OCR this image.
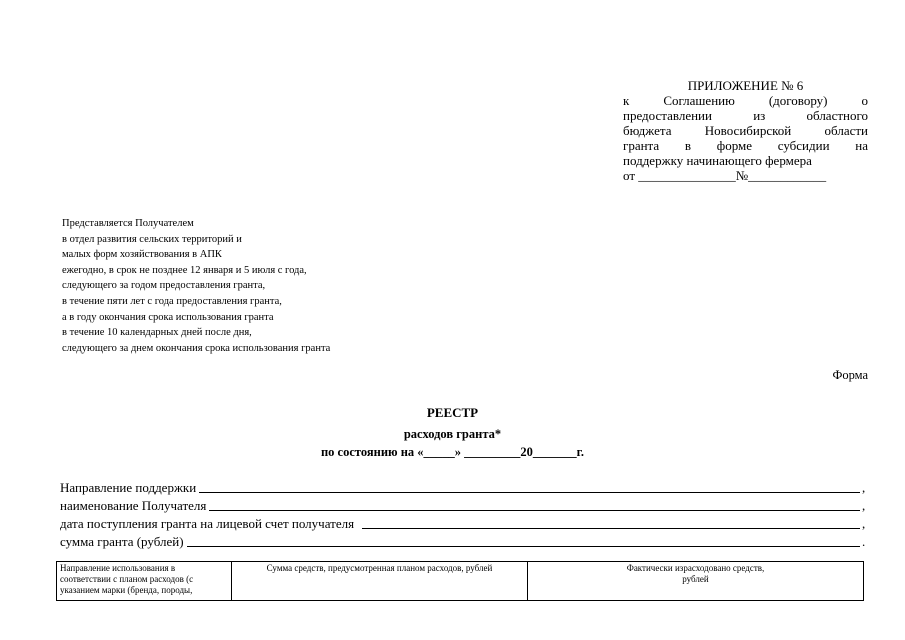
ПРИЛОЖЕНИЕ № 6
к Соглашению (договору) о
предоставлении из областного
бюджета Новосибирской области
гранта в форме субсидии на
поддержку начинающего фермера
от _______________№____________
Представляется Получателем
в отдел развития сельских территорий и
малых форм хозяйствования в АПК
ежегодно, в срок не позднее 12 января и 5 июля с года,
следующего за годом предоставления гранта,
в течение пяти лет с года предоставления гранта,
а в году окончания срока использования гранта
в течение 10 календарных дней после дня,
следующего за днем окончания срока использования гранта
Форма
РЕЕСТР
расходов гранта*
по состоянию на «_____» _________20_______г.
Направление поддержки	,
наименование Получателя	,
дата поступления гранта на лицевой счет получателя	,
сумма гранта (рублей)	.
Направление использования в соответствии с планом расходов (с указанием марки (бренда, породы,	Сумма средств, предусмотренная планом расходов, рублей	Фактически израсходовано средств,
рублей
